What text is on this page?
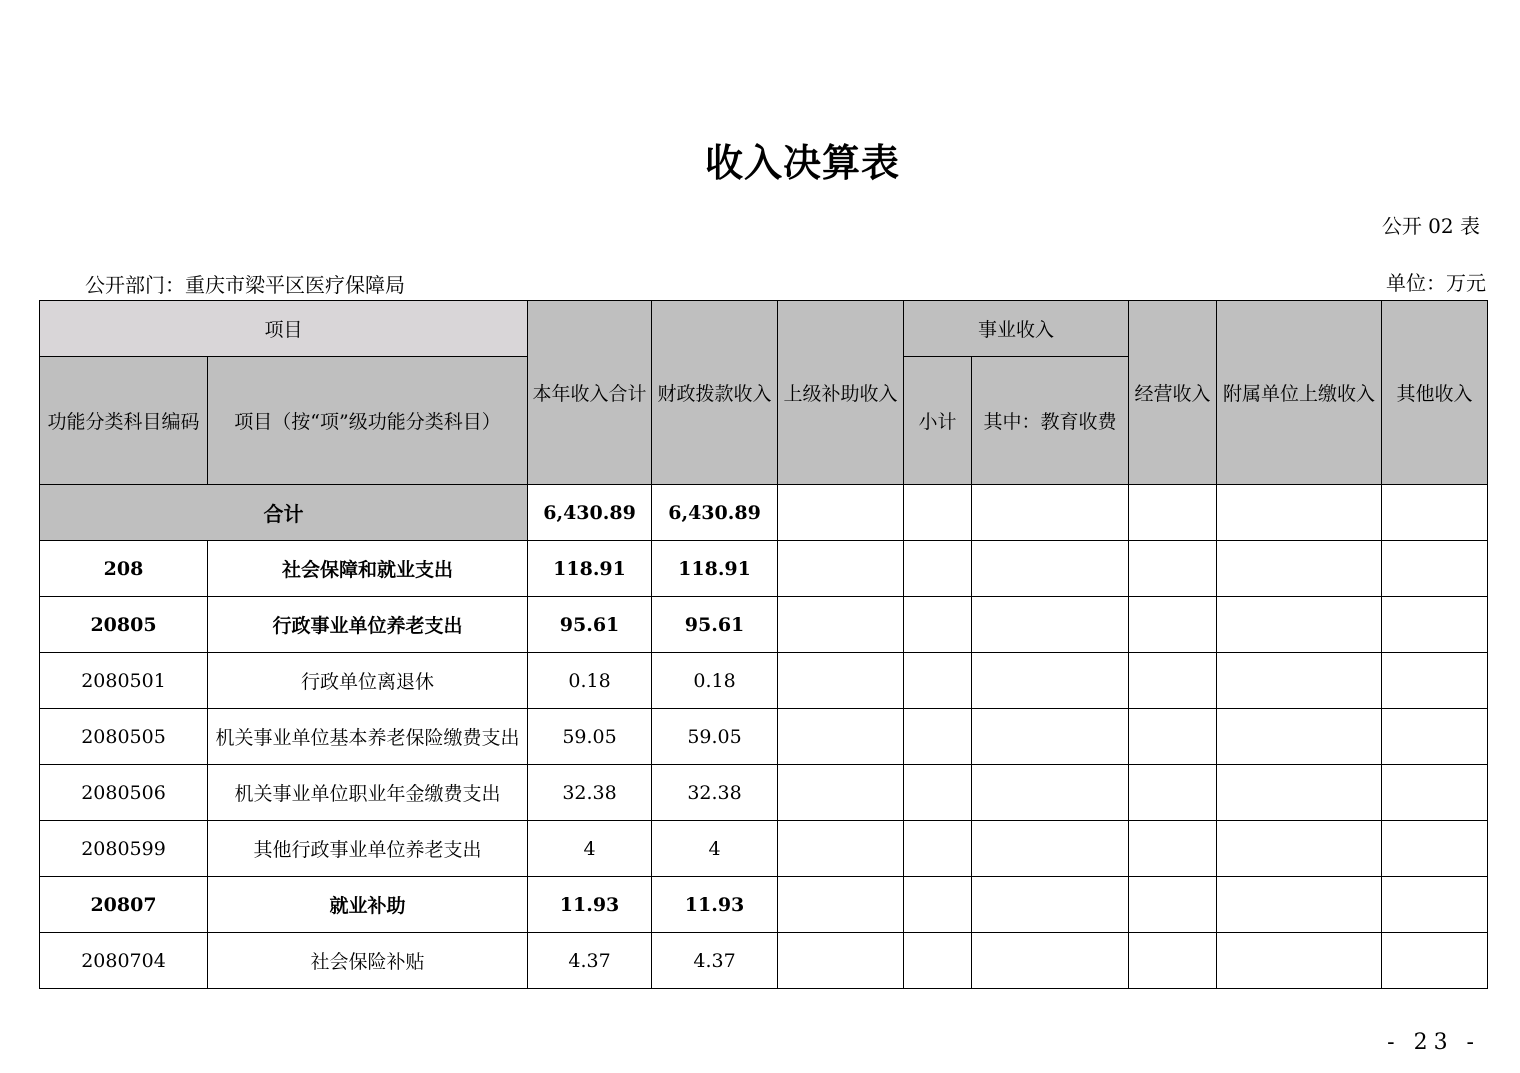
收入决算表
公开 02 表
公开部门：重庆市梁平区医疗保障局	单位：万元
项目		本年收入合计	财政拨款收入	上级补助收入	事业收入		经营收入	附属单位上缴收入	其他收入
功能分类科目编码	项目（按“项”级功能分类科目）				小计	其中：教育收费			
合计		6,430.89	6,430.89						
208	社会保障和就业支出	118.91	118.91						
20805	行政事业单位养老支出	95.61	95.61						
2080501	行政单位离退休	0.18	0.18						
2080505	机关事业单位基本养老保险缴费支出	59.05	59.05						
2080506	机关事业单位职业年金缴费支出	32.38	32.38						
2080599	其他行政事业单位养老支出	4	4						
20807	就业补助	11.93	11.93						
2080704	社会保险补贴	4.37	4.37						
- 23 -
